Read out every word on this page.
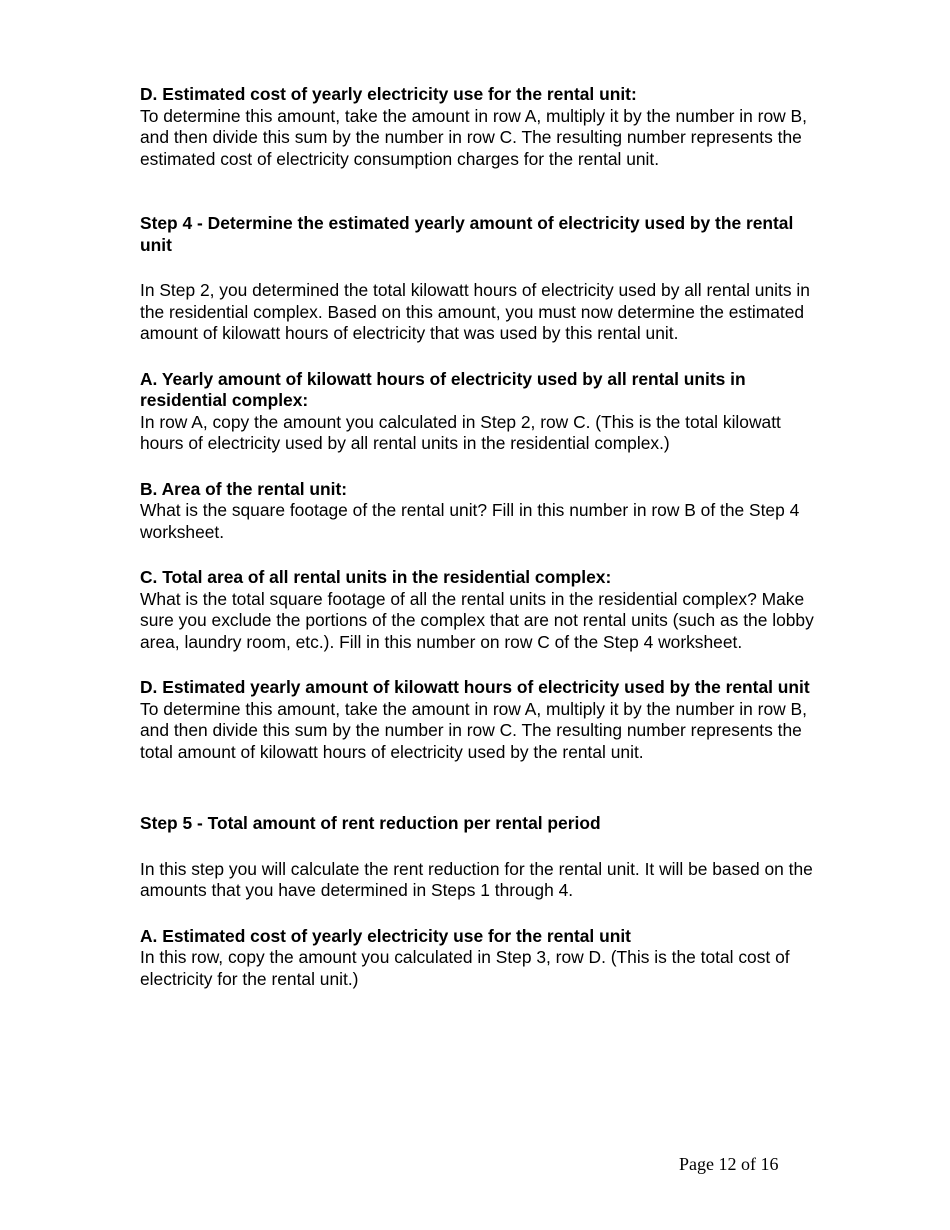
D. Estimated cost of yearly electricity use for the rental unit:

To determine this amount, take the amount in row A, multiply it by the number in row B, and then divide this sum by the number in row C. The resulting number represents the estimated cost of electricity consumption charges for the rental unit.

Step 4 - Determine the estimated yearly amount of electricity used by the rental unit

In Step 2, you determined the total kilowatt hours of electricity used by all rental units in the residential complex. Based on this amount, you must now determine the estimated amount of kilowatt hours of electricity that was used by this rental unit.

A. Yearly amount of kilowatt hours of electricity used by all rental units in residential complex:

In row A, copy the amount you calculated in Step 2, row C. (This is the total kilowatt hours of electricity used by all rental units in the residential complex.)

B. Area of the rental unit:

What is the square footage of the rental unit? Fill in this number in row B of the Step 4 worksheet.

C. Total area of all rental units in the residential complex:

What is the total square footage of all the rental units in the residential complex? Make sure you exclude the portions of the complex that are not rental units (such as the lobby area, laundry room, etc.). Fill in this number on row C of the Step 4 worksheet.

D. Estimated yearly amount of kilowatt hours of electricity used by the rental unit

To determine this amount, take the amount in row A, multiply it by the number in row B, and then divide this sum by the number in row C. The resulting number represents the total amount of kilowatt hours of electricity used by the rental unit.

Step 5 - Total amount of rent reduction per rental period

In this step you will calculate the rent reduction for the rental unit. It will be based on the amounts that you have determined in Steps 1 through 4.

A. Estimated cost of yearly electricity use for the rental unit

In this row, copy the amount you calculated in Step 3, row D. (This is the total cost of electricity for the rental unit.)

Page 12 of 16
